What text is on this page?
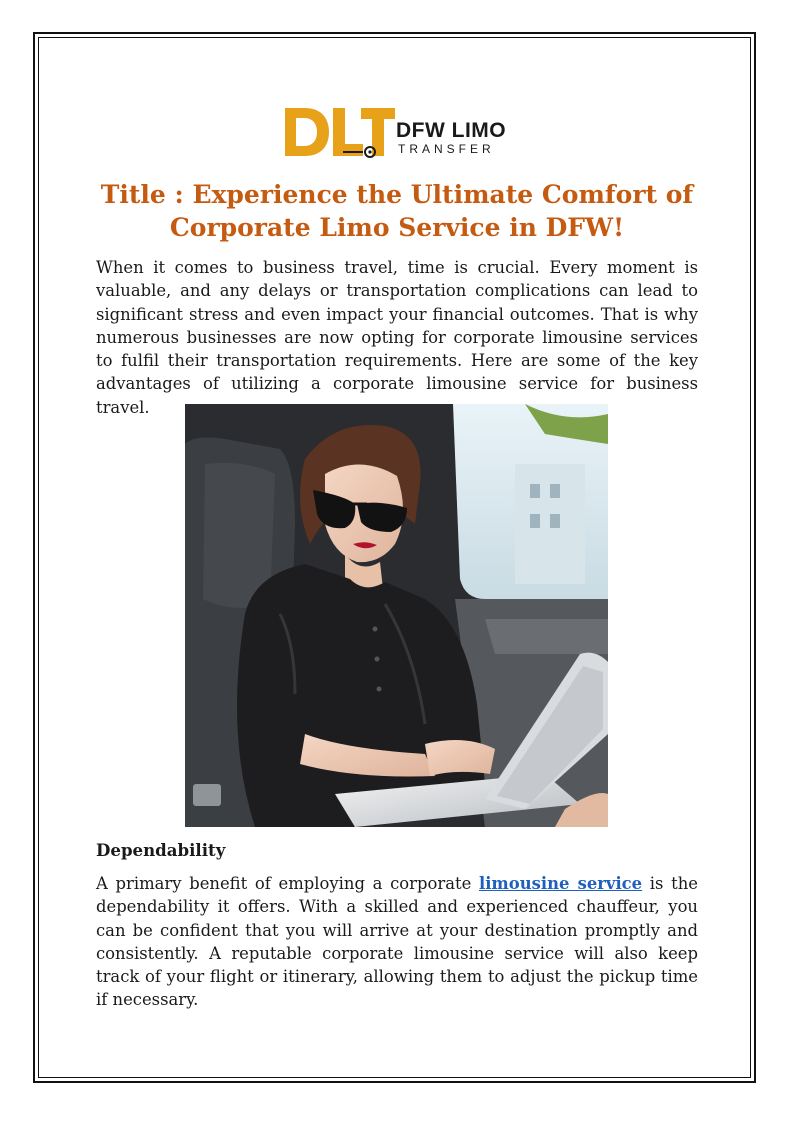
DFW LIMO
TRANSFER
Title : Experience the Ultimate Comfort of Corporate Limo Service in DFW!

When it comes to business travel, time is crucial. Every moment is valuable, and any delays or transportation complications can lead to significant stress and even impact your financial outcomes. That is why numerous businesses are now opting for corporate limousine services to fulfil their transportation requirements. Here are some of the key advantages of utilizing a corporate limousine service for business travel.

Dependability

A primary benefit of employing a corporate limousine service is the dependability it offers. With a skilled and experienced chauffeur, you can be confident that you will arrive at your destination promptly and consistently. A reputable corporate limousine service will also keep track of your flight or itinerary, allowing them to adjust the pickup time if necessary.
